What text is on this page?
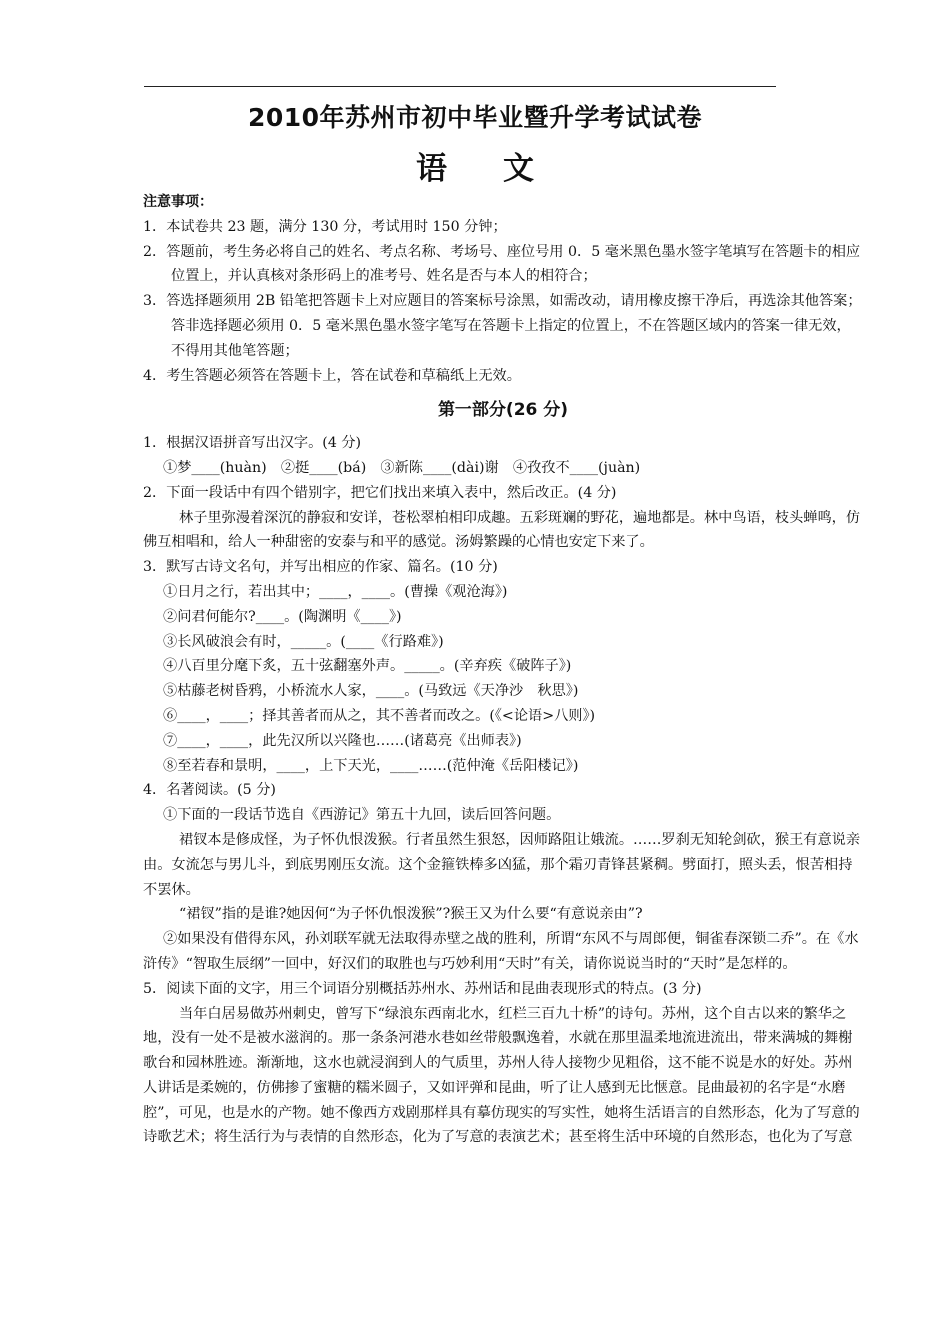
2010年苏州市初中毕业暨升学考试试卷
语文
注意事项：

1．本试卷共 23 题，满分 130 分，考试用时 150 分钟；

2．答题前，考生务必将自己的姓名、考点名称、考场号、座位号用 0．5 毫米黑色墨水签字笔填写在答题卡的相应位置上，并认真核对条形码上的准考号、姓名是否与本人的相符合；

3．答选择题须用 2B 铅笔把答题卡上对应题目的答案标号涂黑，如需改动，请用橡皮擦干净后，再选涂其他答案；答非选择题必须用 0．5 毫米黑色墨水签字笔写在答题卡上指定的位置上，不在答题区域内的答案一律无效，不得用其他笔答题；

4．考生答题必须答在答题卡上，答在试卷和草稿纸上无效。

第一部分(26 分)

1．根据汉语拼音写出汉字。(4 分)

①梦____(huàn)　②挺____(bá)　③新陈____(dài)谢　④孜孜不____(juàn)

2．下面一段话中有四个错别字，把它们找出来填入表中，然后改正。(4 分)

林子里弥漫着深沉的静寂和安详，苍松翠柏相印成趣。五彩斑斓的野花，遍地都是。林中鸟语，枝头蝉鸣，仿佛互相唱和，给人一种甜密的安泰与和平的感觉。汤姆繁躁的心情也安定下来了。

3．默写古诗文名句，并写出相应的作家、篇名。(10 分)

①日月之行，若出其中；____，____。(曹操《观沧海》)

②问君何能尔?____。(陶渊明《____》)

③长风破浪会有时，_____。(____《行路难》)

④八百里分麾下炙，五十弦翻塞外声。_____。(辛弃疾《破阵子》)

⑤枯藤老树昏鸦，小桥流水人家，____。(马致远《天净沙　秋思》)

⑥____，____；择其善者而从之，其不善者而改之。(《<论语>八则》)

⑦____，____，此先汉所以兴隆也……(诸葛亮《出师表》)

⑧至若春和景明，____，上下天光，____……(范仲淹《岳阳楼记》)

4．名著阅读。(5 分)

①下面的一段话节选自《西游记》第五十九回，读后回答问题。

裙钗本是修成怪，为子怀仇恨泼猴。行者虽然生狠怒，因师路阻让娥流。……罗刹无知轮剑砍，猴王有意说亲由。女流怎与男儿斗，到底男刚压女流。这个金箍铁棒多凶猛，那个霜刃青锋甚紧稠。劈面打，照头丢，恨苦相持不罢休。

“裙钗”指的是谁?她因何“为子怀仇恨泼猴”?猴王又为什么要“有意说亲由”?

②如果没有借得东风，孙刘联军就无法取得赤壁之战的胜利，所谓“东风不与周郎便，铜雀春深锁二乔”。在《水浒传》“智取生辰纲”一回中，好汉们的取胜也与巧妙利用“天时”有关，请你说说当时的“天时”是怎样的。

5．阅读下面的文字，用三个词语分别概括苏州水、苏州话和昆曲表现形式的特点。(3 分)

当年白居易做苏州刺史，曾写下“绿浪东西南北水，红栏三百九十桥”的诗句。苏州，这个自古以来的繁华之地，没有一处不是被水滋润的。那一条条河港水巷如丝带般飘逸着，水就在那里温柔地流进流出，带来满城的舞榭歌台和园林胜迹。渐渐地，这水也就浸润到人的气质里，苏州人待人接物少见粗俗，这不能不说是水的好处。苏州人讲话是柔婉的，仿佛掺了蜜糖的糯米圆子，又如评弹和昆曲，听了让人感到无比惬意。昆曲最初的名字是“水磨腔”，可见，也是水的产物。她不像西方戏剧那样具有摹仿现实的写实性，她将生活语言的自然形态，化为了写意的诗歌艺术；将生活行为与表情的自然形态，化为了写意的表演艺术；甚至将生活中环境的自然形态，也化为了写意
